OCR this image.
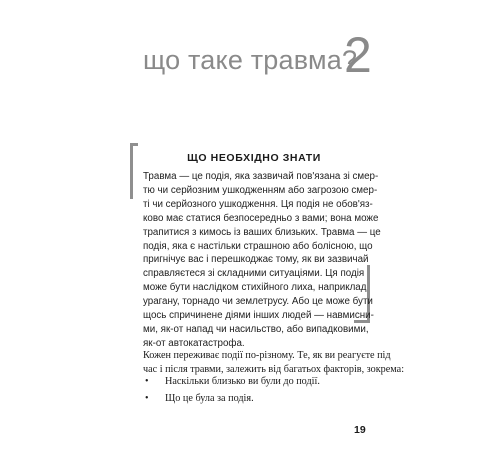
що таке травма?
2
ЩО НЕОБХІДНО ЗНАТИ

Травма — це подія, яка зазвичай пов'язана зі смер-
тю чи серйозним ушкодженням або загрозою смер-
ті чи серйозного ушкодження. Ця подія не обов'яз-
ково має статися безпосередньо з вами; вона може
трапитися з кимось із ваших близьких. Травма — це
подія, яка є настільки страшною або болісною, що
пригнічує вас і перешкоджає тому, як ви зазвичай
справляєтеся зі складними ситуаціями. Ця подія
може бути наслідком стихійного лиха, наприклад
урагану, торнадо чи землетрусу. Або це може бути
щось спричинене діями інших людей — навмисни-
ми, як-от напад чи насильство, або випадковими,
як-от автокатастрофа.

Кожен переживає події по-різному. Те, як ви реагуєте під
час і після травми, залежить від багатьох факторів, зокрема:

• Наскільки близько ви були до події.
• Що це була за подія.
19
